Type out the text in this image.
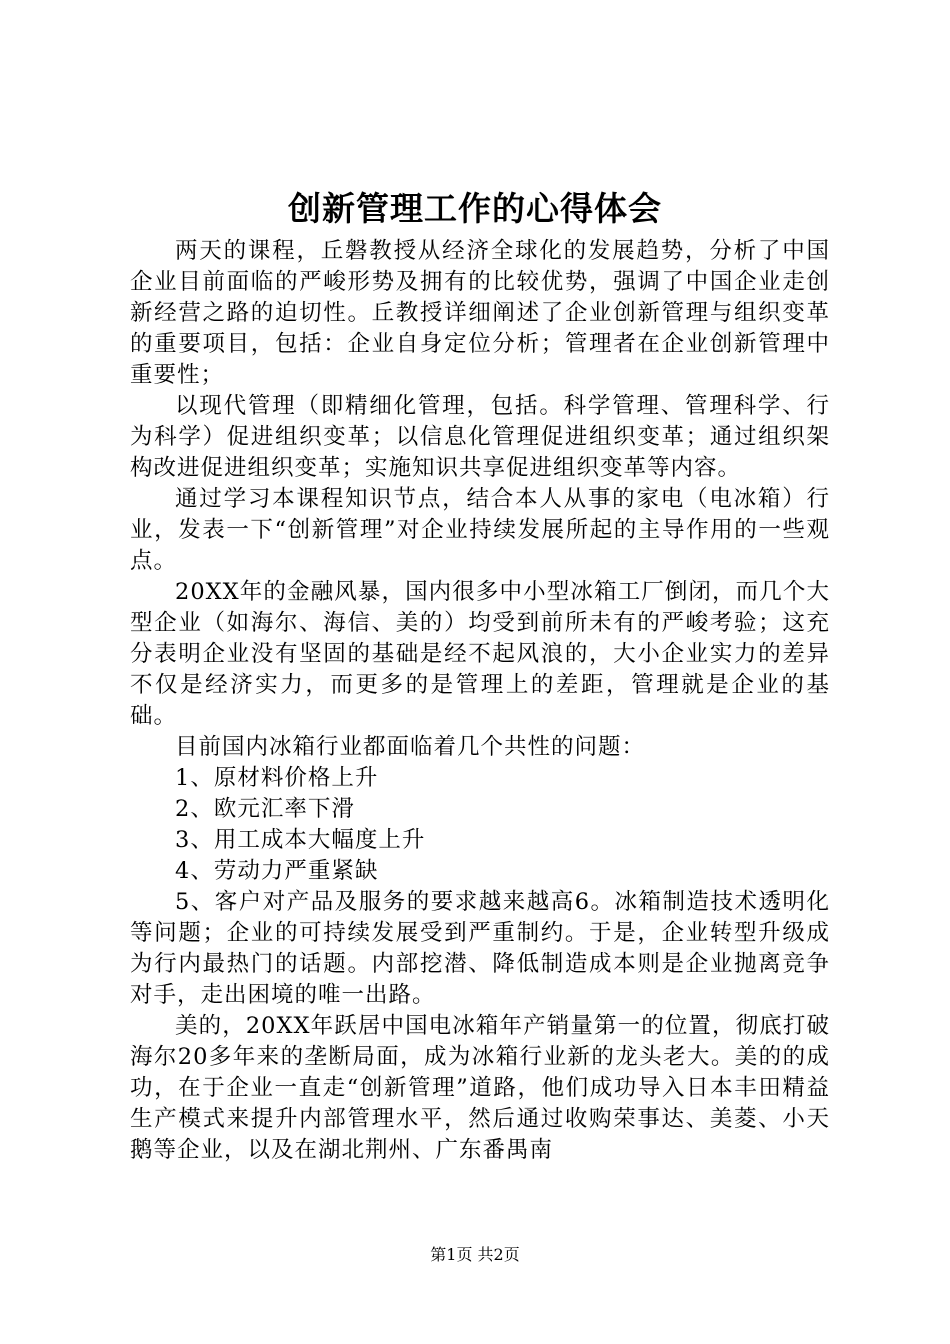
创新管理工作的心得体会

两天的课程，丘磐教授从经济全球化的发展趋势，分析了中国企业目前面临的严峻形势及拥有的比较优势，强调了中国企业走创新经营之路的迫切性。丘教授详细阐述了企业创新管理与组织变革的重要项目，包括：企业自身定位分析；管理者在企业创新管理中重要性；

以现代管理（即精细化管理，包括。科学管理、管理科学、行为科学）促进组织变革；以信息化管理促进组织变革；通过组织架构改进促进组织变革；实施知识共享促进组织变革等内容。

通过学习本课程知识节点，结合本人从事的家电（电冰箱）行业，发表一下“创新管理”对企业持续发展所起的主导作用的一些观点。

20XX年的金融风暴，国内很多中小型冰箱工厂倒闭，而几个大型企业（如海尔、海信、美的）均受到前所未有的严峻考验；这充分表明企业没有坚固的基础是经不起风浪的，大小企业实力的差异不仅是经济实力，而更多的是管理上的差距，管理就是企业的基础。

目前国内冰箱行业都面临着几个共性的问题：

1、原材料价格上升

2、欧元汇率下滑

3、用工成本大幅度上升

4、劳动力严重紧缺

5、客户对产品及服务的要求越来越高6。冰箱制造技术透明化等问题；企业的可持续发展受到严重制约。于是，企业转型升级成为行内最热门的话题。内部挖潜、降低制造成本则是企业抛离竞争对手，走出困境的唯一出路。

美的，20XX年跃居中国电冰箱年产销量第一的位置，彻底打破海尔20多年来的垄断局面，成为冰箱行业新的龙头老大。美的的成功，在于企业一直走“创新管理”道路，他们成功导入日本丰田精益生产模式来提升内部管理水平，然后通过收购荣事达、美菱、小天鹅等企业，以及在湖北荆州、广东番禺南

第1页 共2页
